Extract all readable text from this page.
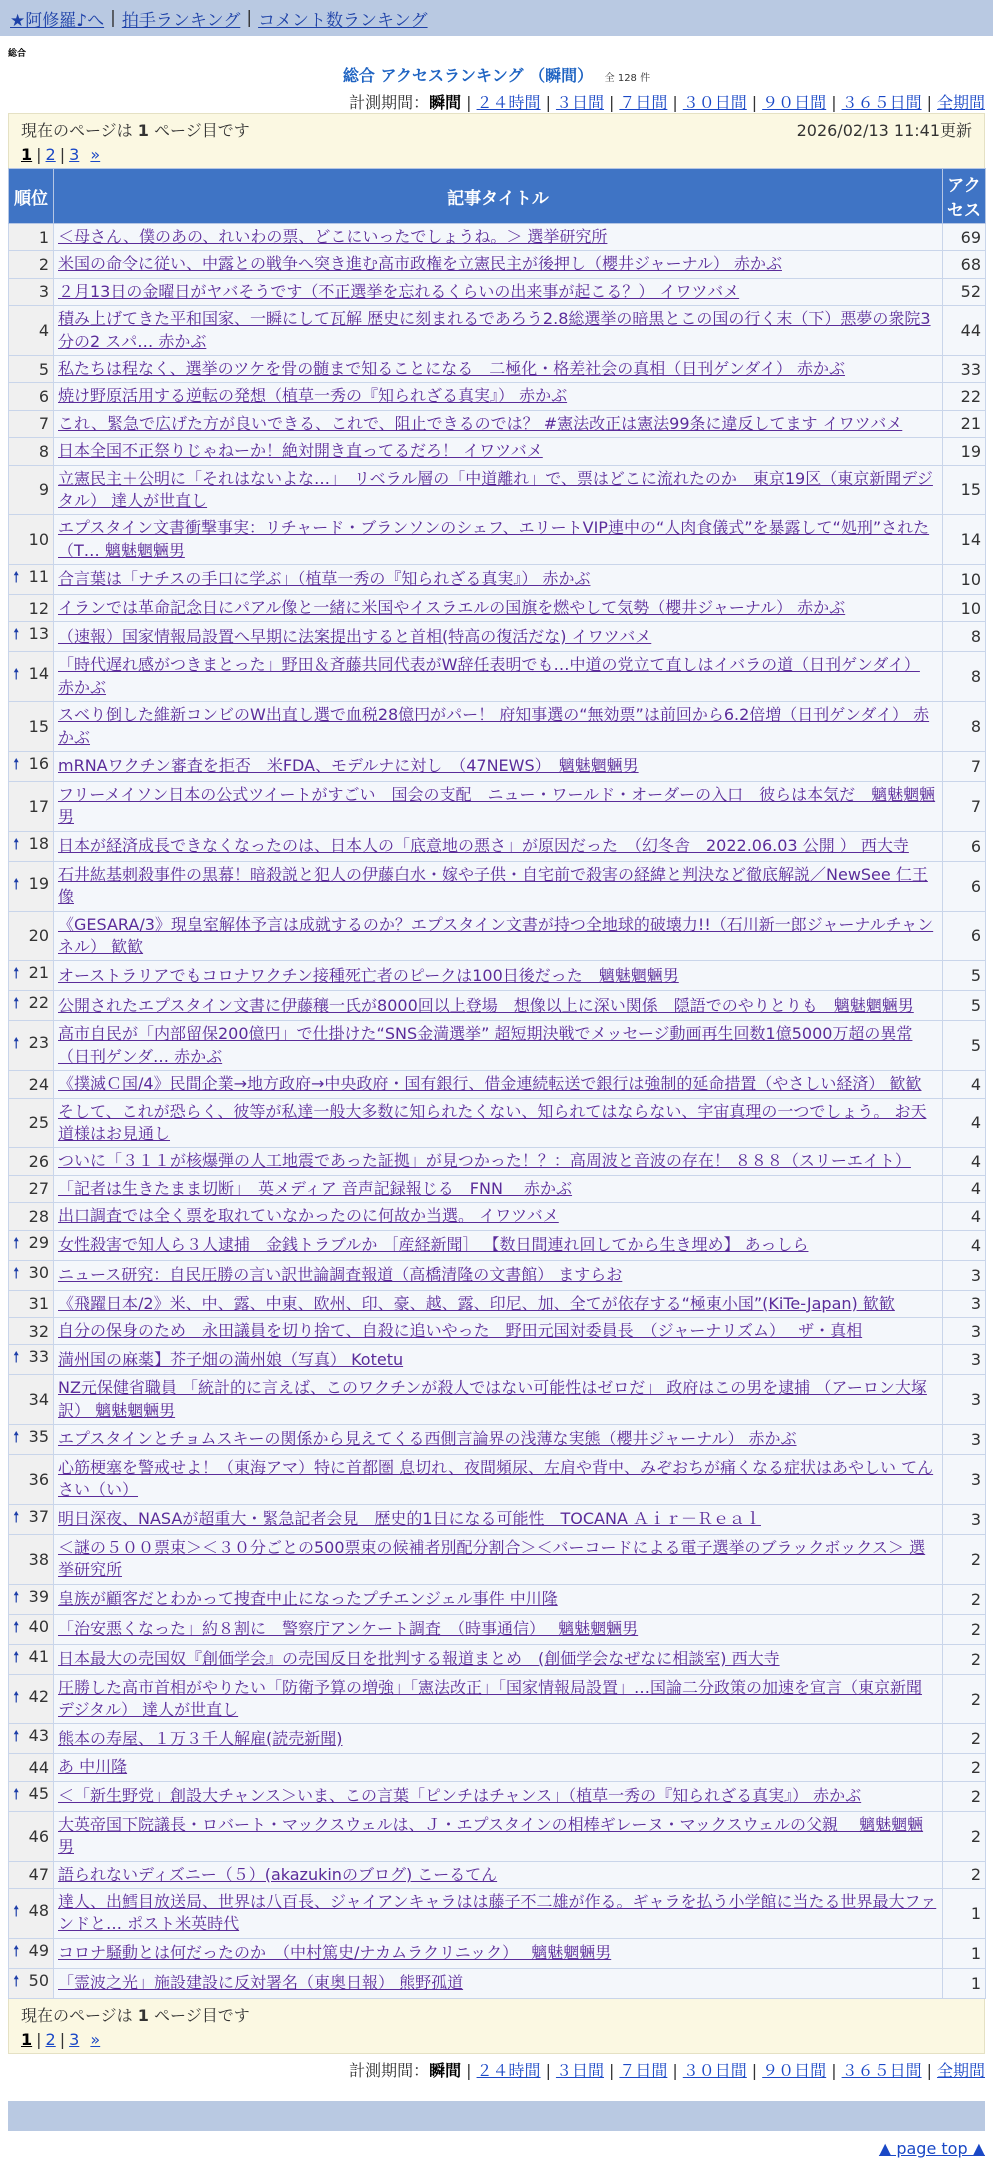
★阿修羅♪へ | 拍手ランキング | コメント数ランキング
総合
総合 アクセスランキング （瞬間） 全 128 件
計測期間：瞬間 | ２４時間 | ３日間 | ７日間 | ３０日間 | ９０日間 | ３６５日間 | 全期間
現在のページは 1 ページ目です	2026/02/13 11:41更新
1 | 2 | 3 »
順位	記事タイトル	アクセス
1	＜母さん、僕のあの、れいわの票、どこにいったでしょうね。＞ 選挙研究所	69
2	米国の命令に従い、中露との戦争へ突き進む高市政権を立憲民主が後押し（櫻井ジャーナル） 赤かぶ	68
3	２月13日の金曜日がヤバそうです（不正選挙を忘れるくらいの出来事が起こる？） イワツバメ	52
4	積み上げてきた平和国家、一瞬にして瓦解 歴史に刻まれるであろう2.8総選挙の暗黒とこの国の行く末（下）悪夢の衆院3分の2 スパ… 赤かぶ	44
5	私たちは程なく、選挙のツケを骨の髄まで知ることになる　二極化・格差社会の真相（日刊ゲンダイ） 赤かぶ	33
6	焼け野原活用する逆転の発想（植草一秀の『知られざる真実』） 赤かぶ	22
7	これ、緊急で広げた方が良いできる、これで、阻止できるのでは？ #憲法改正は憲法99条に違反してます イワツバメ	21
8	日本全国不正祭りじゃねーか！絶対開き直ってるだろ！ イワツバメ	19
9	立憲民主＋公明に「それはないよな…」　リベラル層の「中道離れ」で、票はどこに流れたのか　東京19区（東京新聞デジタル） 達人が世直し	15
10	エプスタイン文書衝撃事実：リチャード・ブランソンのシェフ、エリートVIP連中の“人肉食儀式”を暴露して“処刑”された（T… 魑魅魍魎男	14

🠕 11	合言葉は「ナチスの手口に学ぶ」（植草一秀の『知られざる真実』） 赤かぶ	10
12	イランでは革命記念日にパアル像と一緒に米国やイスラエルの国旗を燃やして気勢（櫻井ジャーナル） 赤かぶ	10

🠕 13	（速報）国家情報局設置へ早期に法案提出すると首相(特高の復活だな) イワツバメ	8

🠕 14	「時代遅れ感がつきまとった」野田＆斉藤共同代表がW辞任表明でも…中道の党立て直しはイバラの道（日刊ゲンダイ） 赤かぶ	8
15	スベり倒した維新コンビのW出直し選で血税28億円がパー！ 府知事選の“無効票”は前回から6.2倍増（日刊ゲンダイ） 赤かぶ	8

🠕 16	mRNAワクチン審査を拒否　米FDA、モデルナに対し　（47NEWS）　魑魅魍魎男	7
17	フリーメイソン日本の公式ツイートがすごい　国会の支配　ニュー・ワールド・オーダーの入口　彼らは本気だ　魑魅魍魎男	7

🠕 18	日本が経済成長できなくなったのは、日本人の「底意地の悪さ」が原因だった　（幻冬舎　2022.06.03 公開 ） 西大寺	6

🠕 19	石井紘基刺殺事件の黒幕！暗殺説と犯人の伊藤白水・嫁や子供・自宅前で殺害の経緯と判決など徹底解説／NewSee 仁王像	6
20	《GESARA/3》現皇室解体予言は成就するのか？エプスタイン文書が持つ全地球的破壊力!!（石川新一郎ジャーナルチャンネル） 歓歓	6

🠕 21	オーストラリアでもコロナワクチン接種死亡者のピークは100日後だった　魑魅魍魎男	5

🠕 22	公開されたエプスタイン文書に伊藤穰一氏が8000回以上登場　想像以上に深い関係　隠語でのやりとりも　魑魅魍魎男	5

🠕 23	高市自民が「内部留保200億円」で仕掛けた“SNS金満選挙” 超短期決戦でメッセージ動画再生回数1億5000万超の異常（日刊ゲンダ… 赤かぶ	5
24	《撲滅Ｃ国/4》民間企業→地方政府→中央政府・国有銀行、借金連続転送で銀行は強制的延命措置（やさしい経済） 歓歓	4
25	そして、これが恐らく、彼等が私達一般大多数に知られたくない、知られてはならない、宇宙真理の一つでしょう。 お天道様はお見通し	4
26	ついに「３１１が核爆弾の人工地震であった証拠」が見つかった！？：高周波と音波の存在！ ８８８（スリーエイト）	4
27	「記者は生きたまま切断」　英メディア 音声記録報じる　FNN　 赤かぶ	4
28	出口調査では全く票を取れていなかったのに何故か当選。 イワツバメ	4

🠕 29	女性殺害で知人ら３人逮捕　金銭トラブルか ［産経新聞］ 【数日間連れ回してから生き埋め】 あっしら	4

🠕 30	ニュース研究：自民圧勝の言い訳世論調査報道（高橋清隆の文書館） ますらお	3
31	《飛躍日本/2》米、中、露、中東、欧州、印、豪、越、露、印尼、加、全てが依存する“極東小国”(KiTe-Japan) 歓歓	3
32	自分の保身のため　永田議員を切り捨て、自殺に追いやった　野田元国対委員長　（ジャーナリズム）　 ザ・真相	3

🠕 33	満州国の麻薬】芥子畑の満州娘（写真） Kotetu	3
34	NZ元保健省職員 「統計的に言えば、このワクチンが殺人ではない可能性はゼロだ」 政府はこの男を逮捕 （アーロン大塚訳） 魑魅魍魎男	3

🠕 35	エプスタインとチョムスキーの関係から見えてくる西側言論界の浅薄な実態（櫻井ジャーナル） 赤かぶ	3
36	心筋梗塞を警戒せよ！（東海アマ）特に首都圏 息切れ、夜間頻尿、左肩や背中、みぞおちが痛くなる症状はあやしい てんさい（い）	3

🠕 37	明日深夜、NASAが超重大・緊急記者会見　歴史的1日になる可能性　TOCANA Ａｉｒ－Ｒｅａｌ	3
38	＜謎の５００票束＞＜３０分ごとの500票束の候補者別配分割合＞＜バーコードによる電子選挙のブラックボックス＞ 選挙研究所	2

🠕 39	皇族が顧客だとわかって捜査中止になったプチエンジェル事件 中川隆	2

🠕 40	「治安悪くなった」約８割に　警察庁アンケート調査　（時事通信）　 魑魅魍魎男	2

🠕 41	日本最大の売国奴『創価学会』の売国反日を批判する報道まとめ　(創価学会なぜなに相談室) 西大寺	2

🠕 42	圧勝した高市首相がやりたい「防衛予算の増強」「憲法改正」「国家情報局設置」…国論二分政策の加速を宣言（東京新聞デジタル） 達人が世直し	2

🠕 43	熊本の寿屋、１万３千人解雇(読売新聞)	2
44	あ 中川隆	2

🠕 45	＜「新生野党」創設大チャンス＞いま、この言葉「ピンチはチャンス」（植草一秀の『知られざる真実』） 赤かぶ	2
46	大英帝国下院議長・ロバート・マックスウェルは、Ｊ・エプスタインの相棒ギレーヌ・マックスウェルの父親　 魑魅魍魎男	2
47	語られないディズニー（５）(akazukinのブログ) こーるてん	2

🠕 48	達人、出鱈目放送局、世界は八百長、ジャイアンキャラはは藤子不二雄が作る。ギャラを払う小学館に当たる世界最大ファンドと… ポスト米英時代	1

🠕 49	コロナ騒動とは何だったのか　（中村篤史/ナカムラクリニック）　 魑魅魍魎男	1

🠕 50	「霊波之光」施設建設に反対署名（東奥日報） 熊野孤道	1
現在のページは 1 ページ目です
1 | 2 | 3 »
計測期間：瞬間 | ２４時間 | ３日間 | ７日間 | ３０日間 | ９０日間 | ３６５日間 | 全期間
▲ page top ▲
